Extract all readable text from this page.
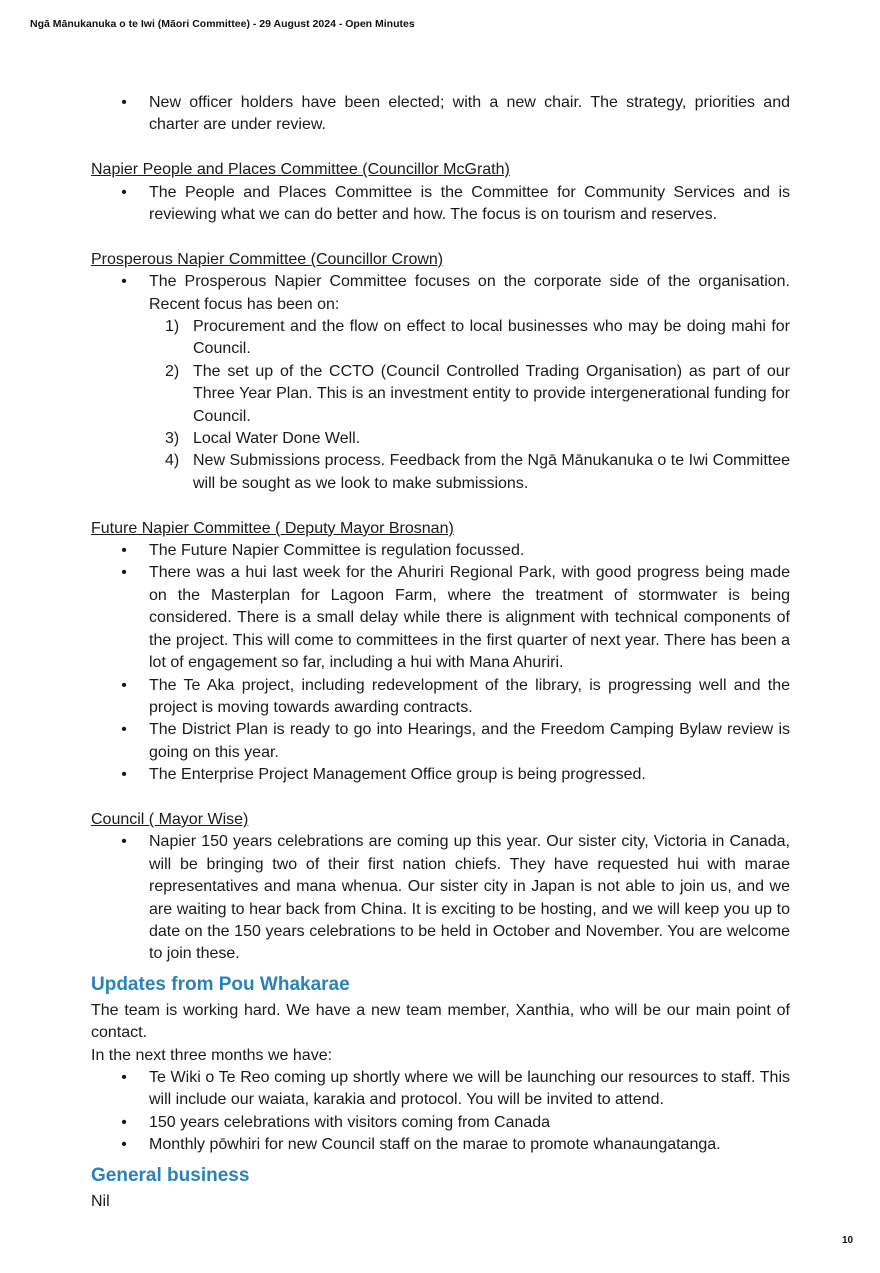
Ngā Mānukanuka o te Iwi (Māori Committee) - 29 August 2024 - Open Minutes
• New officer holders have been elected; with a new chair. The strategy, priorities and charter are under review.

Napier People and Places Committee (Councillor McGrath)

• The People and Places Committee is the Committee for Community Services and is reviewing what we can do better and how. The focus is on tourism and reserves.

Prosperous Napier Committee (Councillor Crown)

• The Prosperous Napier Committee focuses on the corporate side of the organisation. Recent focus has been on:
1) Procurement and the flow on effect to local businesses who may be doing mahi for Council.
2) The set up of the CCTO (Council Controlled Trading Organisation) as part of our Three Year Plan. This is an investment entity to provide intergenerational funding for Council.
3) Local Water Done Well.
4) New Submissions process. Feedback from the Ngā Mānukanuka o te Iwi Committee will be sought as we look to make submissions.

Future Napier Committee ( Deputy Mayor Brosnan)

• The Future Napier Committee is regulation focussed.
• There was a hui last week for the Ahuriri Regional Park, with good progress being made on the Masterplan for Lagoon Farm, where the treatment of stormwater is being considered. There is a small delay while there is alignment with technical components of the project. This will come to committees in the first quarter of next year. There has been a lot of engagement so far, including a hui with Mana Ahuriri.
• The Te Aka project, including redevelopment of the library, is progressing well and the project is moving towards awarding contracts.
• The District Plan is ready to go into Hearings, and the Freedom Camping Bylaw review is going on this year.
• The Enterprise Project Management Office group is being progressed.

Council ( Mayor Wise)

• Napier 150 years celebrations are coming up this year. Our sister city, Victoria in Canada, will be bringing two of their first nation chiefs. They have requested hui with marae representatives and mana whenua. Our sister city in Japan is not able to join us, and we are waiting to hear back from China. It is exciting to be hosting, and we will keep you up to date on the 150 years celebrations to be held in October and November. You are welcome to join these.

Updates from Pou Whakarae

The team is working hard. We have a new team member, Xanthia, who will be our main point of contact.

In the next three months we have:

• Te Wiki o Te Reo coming up shortly where we will be launching our resources to staff. This will include our waiata, karakia and protocol. You will be invited to attend.
• 150 years celebrations with visitors coming from Canada
• Monthly pōwhiri for new Council staff on the marae to promote whanaungatanga.

General business

Nil

10
